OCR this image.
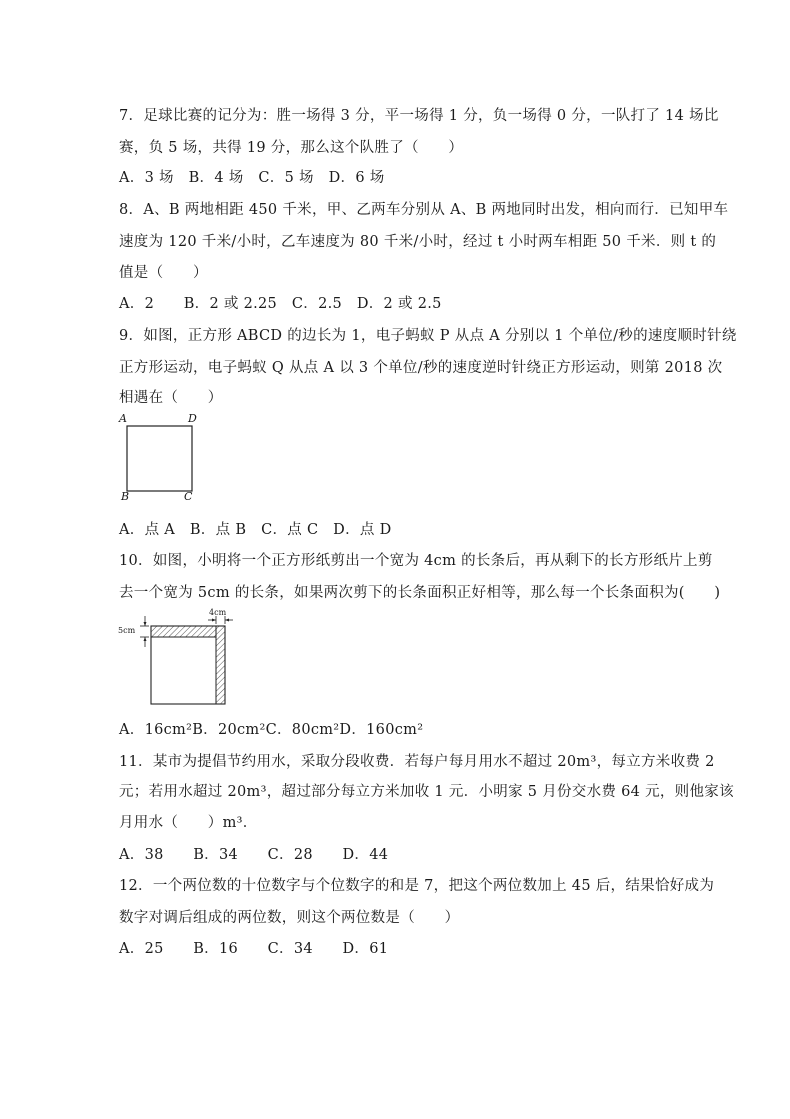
7．足球比赛的记分为：胜一场得 3 分，平一场得 1 分，负一场得 0 分，一队打了 14 场比
赛，负 5 场，共得 19 分，那么这个队胜了（　　）
A．3 场　B．4 场　C．5 场　D．6 场
8．A、B 两地相距 450 千米，甲、乙两车分别从 A、B 两地同时出发，相向而行．已知甲车
速度为 120 千米/小时，乙车速度为 80 千米/小时，经过 t 小时两车相距 50 千米．则 t 的
值是（　　）
A．2　　B．2 或 2.25　C．2.5　D．2 或 2.5
9．如图，正方形 ABCD 的边长为 1，电子蚂蚁 P 从点 A 分别以 1 个单位/秒的速度顺时针绕
正方形运动，电子蚂蚁 Q 从点 A 以 3 个单位/秒的速度逆时针绕正方形运动，则第 2018 次
相遇在（　　）
A	D
B	C
A．点 A　B．点 B　C．点 C　D．点 D
10．如图，小明将一个正方形纸剪出一个宽为 4cm 的长条后，再从剩下的长方形纸片上剪
去一个宽为 5cm 的长条，如果两次剪下的长条面积正好相等，那么每一个长条面积为(　　)
4cm
5cm
A．16cm²B．20cm²C．80cm²D．160cm²
11．某市为提倡节约用水，采取分段收费．若每户每月用水不超过 20m³，每立方米收费 2
元；若用水超过 20m³，超过部分每立方米加收 1 元．小明家 5 月份交水费 64 元，则他家该
月用水（　　）m³．
A．38　　B．34　　C．28　　D．44
12．一个两位数的十位数字与个位数字的和是 7，把这个两位数加上 45 后，结果恰好成为
数字对调后组成的两位数，则这个两位数是（　　）
A．25　　B．16　　C．34　　D．61
